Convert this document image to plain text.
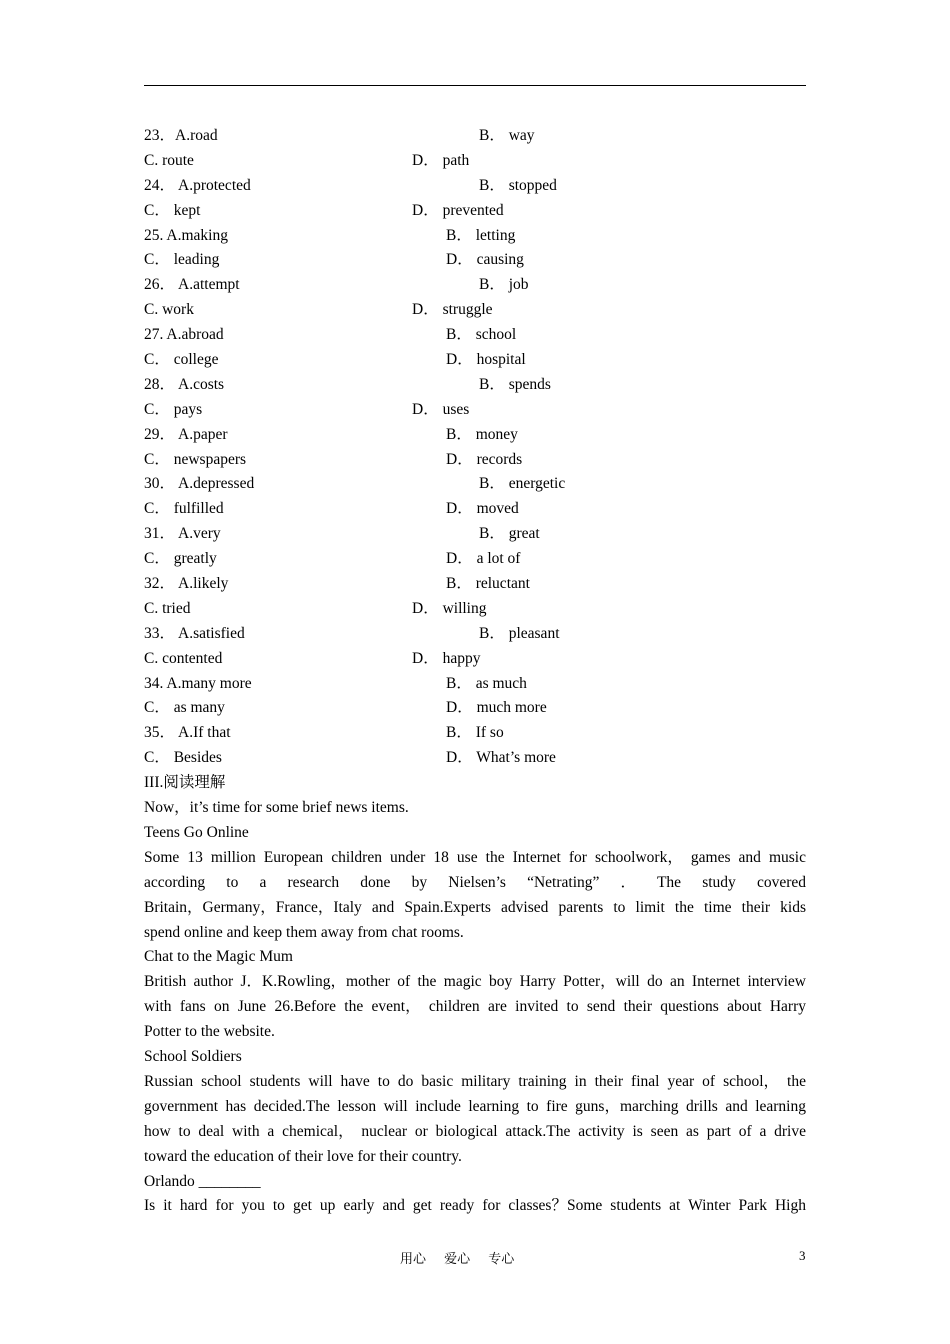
23．A.road	B． way
C. route	D． path
24． A.protected	B． stopped
C． kept	D． prevented
25. A.making	B． letting
C． leading	D． causing
26． A.attempt	B． job
C. work	D． struggle
27. A.abroad	B． school
C． college	D． hospital
28． A.costs	B． spends
C． pays	D． uses
29． A.paper	B． money
C． newspapers	D． records
30． A.depressed	B． energetic
C． fulfilled	D． moved
31． A.very	B． great
C． greatly	D． a lot of
32． A.likely	B． reluctant
C. tried	D． willing
33． A.satisfied	B． pleasant
C. contented	D． happy
34. A.many more	B． as much
C． as many	D． much more
35． A.If that	B． If so
C． Besides	D． What’s more
III.阅读理解
Now，it’s time for some brief news items.
Teens Go Online
Some 13 million European children under 18 use the Internet for schoolwork， games and music
according to a research done by Nielsen’s “Netrating” ． The study covered
Britain，Germany，France，Italy and Spain.Experts advised parents to limit the time their kids
spend online and keep them away from chat rooms.
Chat to the Magic Mum
British author J．K.Rowling，mother of the magic boy Harry Potter，will do an Internet interview
with fans on June 26.Before the event， children are invited to send their questions about Harry
Potter to the website.
School Soldiers
Russian school students will have to do basic military training in their final year of school， the
government has decided.The lesson will include learning to fire guns，marching drills and learning
how to deal with a chemical， nuclear or biological attack.The activity is seen as part of a drive
toward the education of their love for their country.
Orlando ________
Is it hard for you to get up early and get ready for classes？Some students at Winter Park High
用心 爱心 专心	3
